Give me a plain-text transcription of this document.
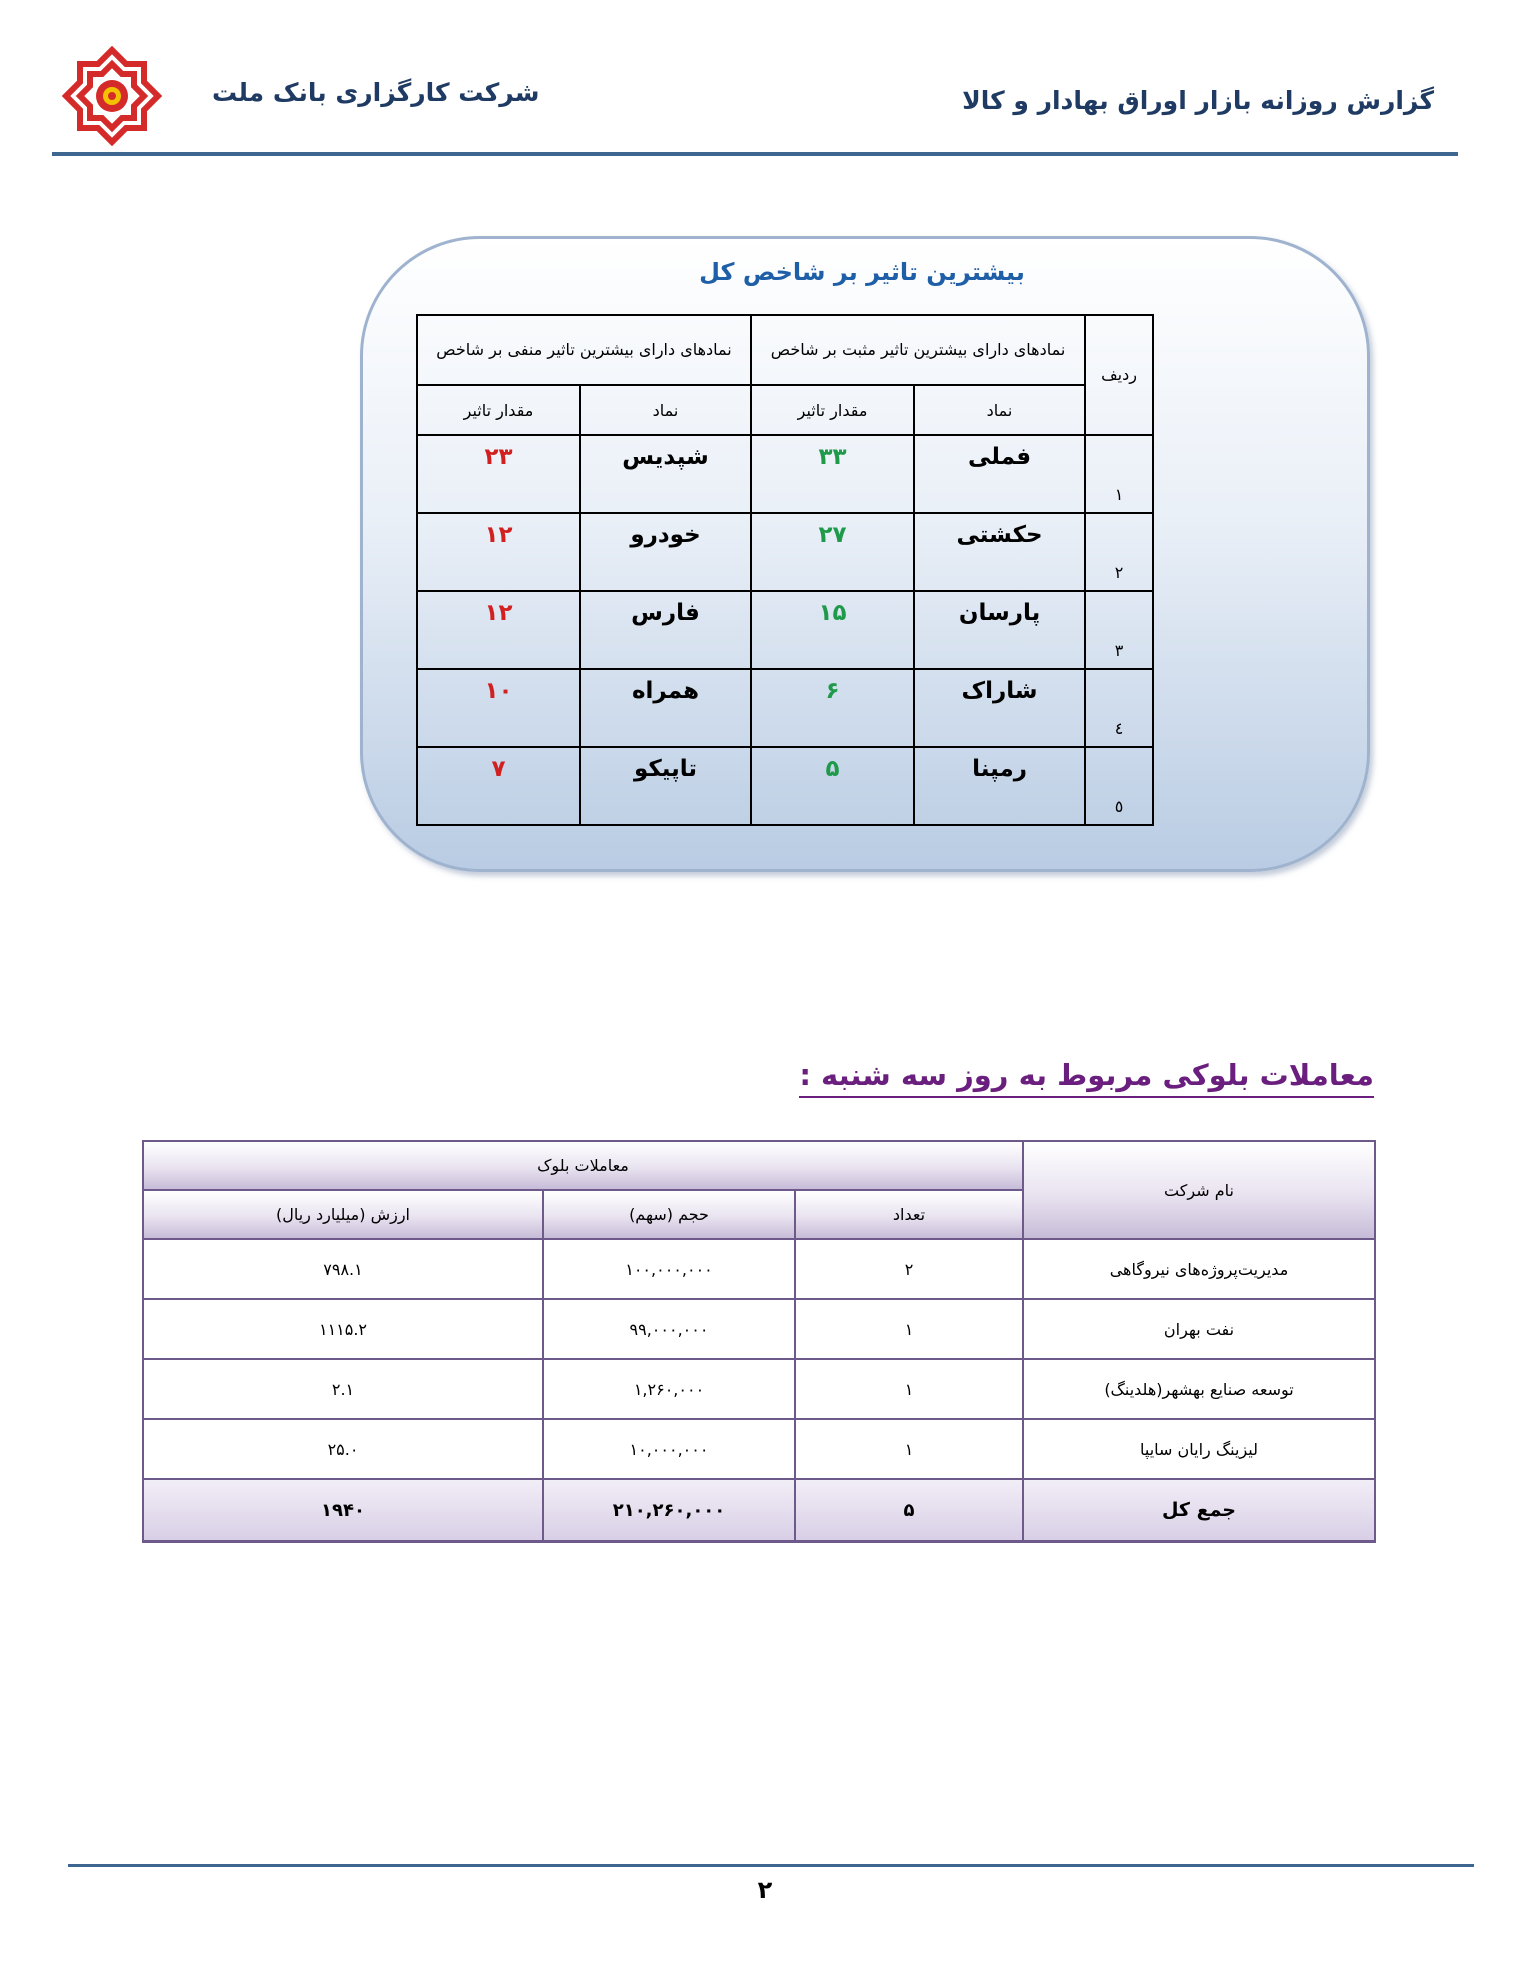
شرکت کارگزاری بانک ملت	گزارش روزانه بازار اوراق بهادار و کالا
بیشترین تاثیر بر شاخص کل
نمادهای دارای بیشترین تاثیر منفی بر شاخص		نمادهای دارای بیشترین تاثیر مثبت بر شاخص		ردیف
مقدار تاثیر	نماد	مقدار تاثیر	نماد	
۲۳	شپدیس	۳۳	فملی	۱
۱۲	خودرو	۲۷	حکشتی	۲
۱۲	فارس	۱۵	پارسان	۳
۱۰	همراه	۶	شاراک	٤
۷	تاپیکو	۵	رمپنا	٥
معاملات بلوکی مربوط به روز سه شنبه :
نام شرکت	معاملات بلوک		
	تعداد	حجم (سهم)	ارزش (میلیارد ریال)
مدیریت‌پروژه‌های نیروگاهی	۲	۱۰۰,۰۰۰,۰۰۰	۷۹۸.۱
نفت بهران	۱	۹۹,۰۰۰,۰۰۰	۱۱۱۵.۲
توسعه صنایع بهشهر(هلدینگ)	۱	۱,۲۶۰,۰۰۰	۲.۱
لیزینگ رایان سایپا	۱	۱۰,۰۰۰,۰۰۰	۲۵.۰
جمع کل	۵	۲۱۰,۲۶۰,۰۰۰	۱۹۴۰
۲
